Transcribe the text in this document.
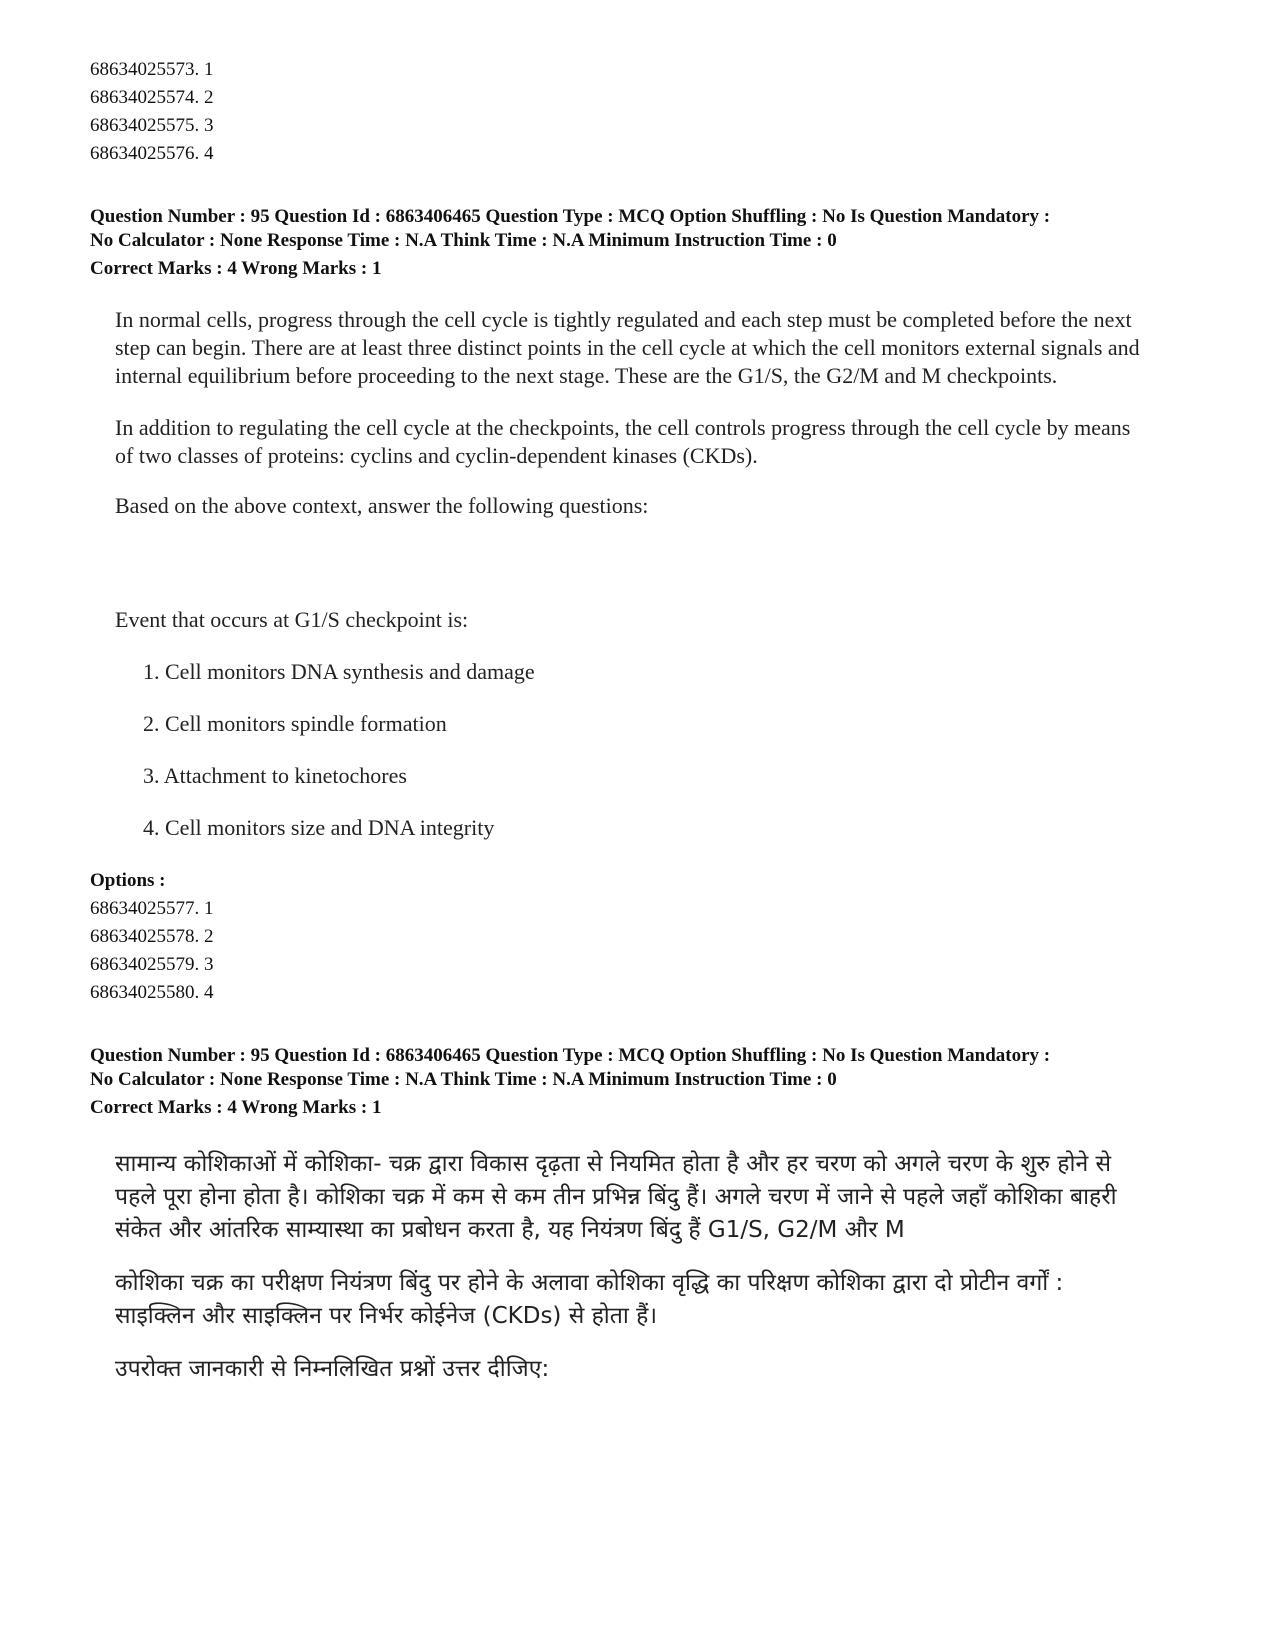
68634025573. 1
68634025574. 2
68634025575. 3
68634025576. 4
Question Number : 95 Question Id : 6863406465 Question Type : MCQ Option Shuffling : No Is Question Mandatory :
No Calculator : None Response Time : N.A Think Time : N.A Minimum Instruction Time : 0
Correct Marks : 4 Wrong Marks : 1

In normal cells, progress through the cell cycle is tightly regulated and each step must be completed before the next step can begin. There are at least three distinct points in the cell cycle at which the cell monitors external signals and internal equilibrium before proceeding to the next stage. These are the G1/S, the G2/M and M checkpoints.

In addition to regulating the cell cycle at the checkpoints, the cell controls progress through the cell cycle by means of two classes of proteins: cyclins and cyclin-dependent kinases (CKDs).

Based on the above context, answer the following questions:

Event that occurs at G1/S checkpoint is:
1. Cell monitors DNA synthesis and damage
2. Cell monitors spindle formation
3. Attachment to kinetochores
4. Cell monitors size and DNA integrity
Options :
68634025577. 1
68634025578. 2
68634025579. 3
68634025580. 4
Question Number : 95 Question Id : 6863406465 Question Type : MCQ Option Shuffling : No Is Question Mandatory :
No Calculator : None Response Time : N.A Think Time : N.A Minimum Instruction Time : 0
Correct Marks : 4 Wrong Marks : 1

सामान्य कोशिकाओं में कोशिका- चक्र द्वारा विकास दृढ़ता से नियमित होता है और हर चरण को अगले चरण के शुरु होने से पहले पूरा होना होता है। कोशिका चक्र में कम से कम तीन प्रभिन्न बिंदु हैं। अगले चरण में जाने से पहले जहाँ कोशिका बाहरी संकेत और आंतरिक साम्यास्था का प्रबोधन करता है, यह नियंत्रण बिंदु हैं G1/S, G2/M और M

कोशिका चक्र का परीक्षण नियंत्रण बिंदु पर होने के अलावा कोशिका वृद्धि का परिक्षण कोशिका द्वारा दो प्रोटीन वर्गों : साइक्लिन और साइक्लिन पर निर्भर कोईनेज (CKDs) से होता हैं।

उपरोक्त जानकारी से निम्नलिखित प्रश्नों उत्तर दीजिए:
